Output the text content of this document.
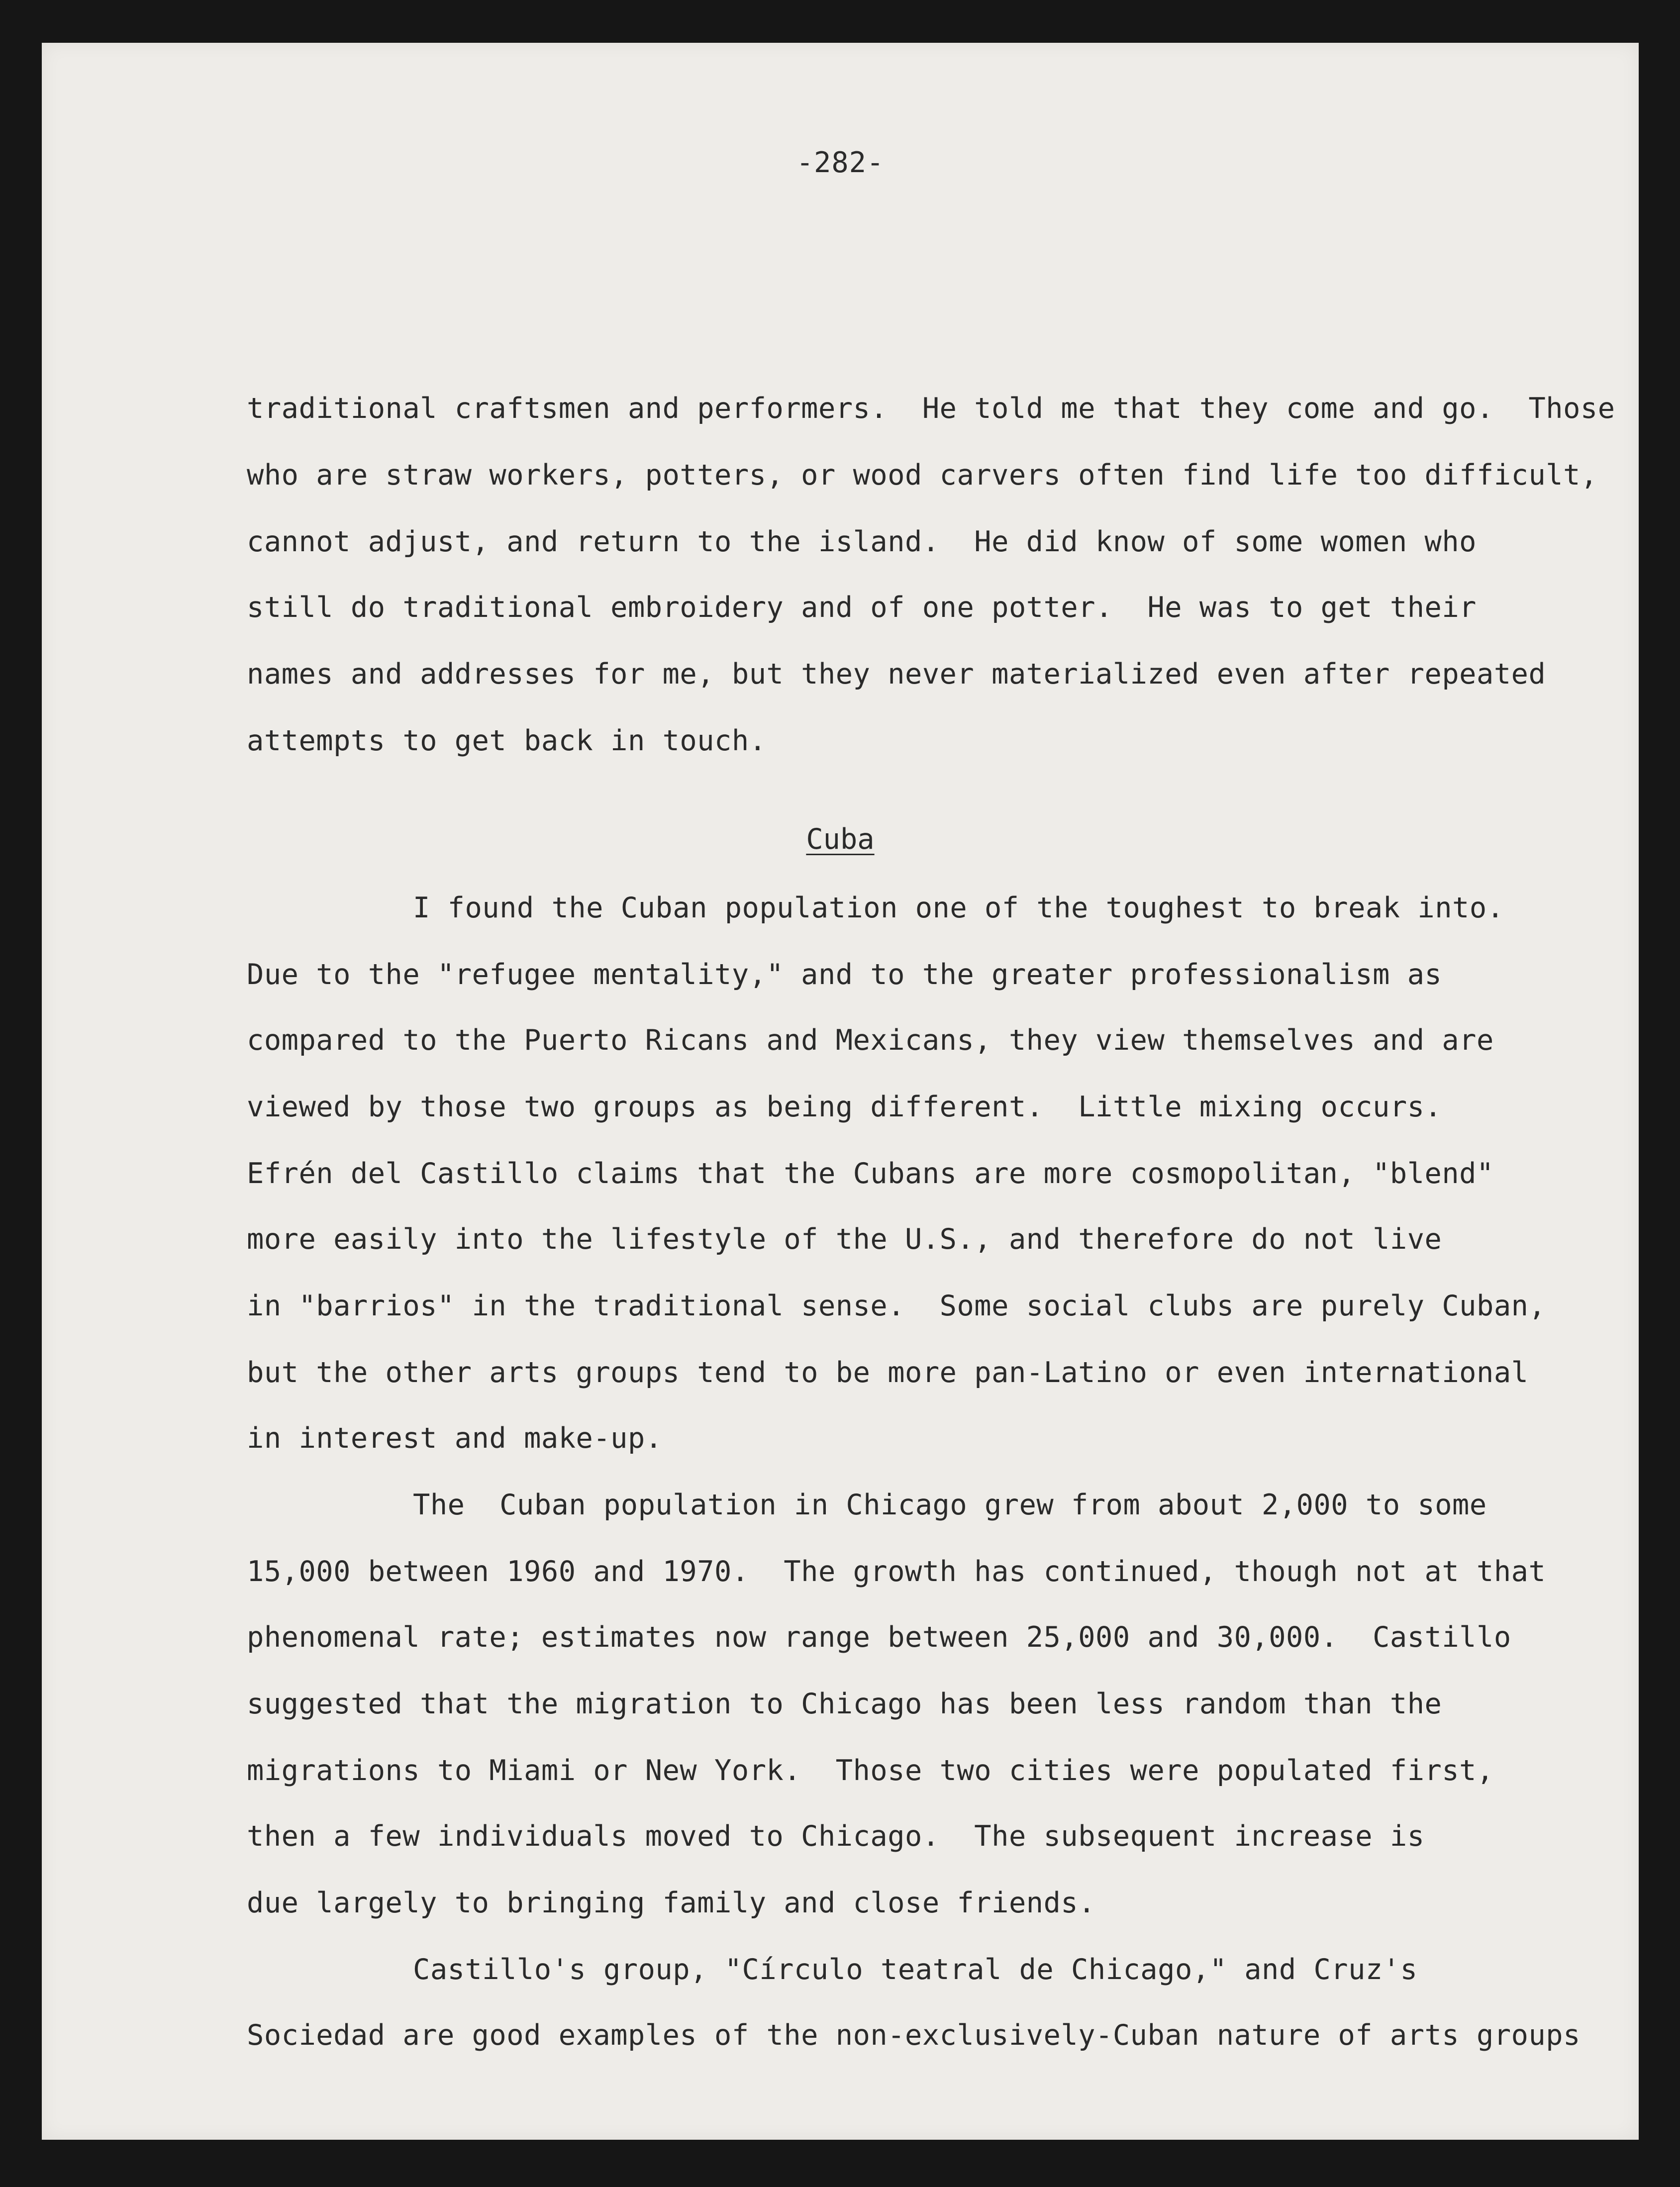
-282-

traditional craftsmen and performers.  He told me that they come and go.  Those

who are straw workers, potters, or wood carvers often find life too difficult,

cannot adjust, and return to the island.  He did know of some women who

still do traditional embroidery and of one potter.  He was to get their

names and addresses for me, but they never materialized even after repeated

attempts to get back in touch.

I found the Cuban population one of the toughest to break into.

Due to the "refugee mentality," and to the greater professionalism as

compared to the Puerto Ricans and Mexicans, they view themselves and are

viewed by those two groups as being different.  Little mixing occurs.

Efrén del Castillo claims that the Cubans are more cosmopolitan, "blend"

more easily into the lifestyle of the U.S., and therefore do not live

in "barrios" in the traditional sense.  Some social clubs are purely Cuban,

but the other arts groups tend to be more pan-Latino or even international

in interest and make-up.

The  Cuban population in Chicago grew from about 2,000 to some

15,000 between 1960 and 1970.  The growth has continued, though not at that

phenomenal rate; estimates now range between 25,000 and 30,000.  Castillo

suggested that the migration to Chicago has been less random than the

migrations to Miami or New York.  Those two cities were populated first,

then a few individuals moved to Chicago.  The subsequent increase is

due largely to bringing family and close friends.

Castillo's group, "Círculo teatral de Chicago," and Cruz's

Sociedad are good examples of the non-exclusively-Cuban nature of arts groups

Cuba
